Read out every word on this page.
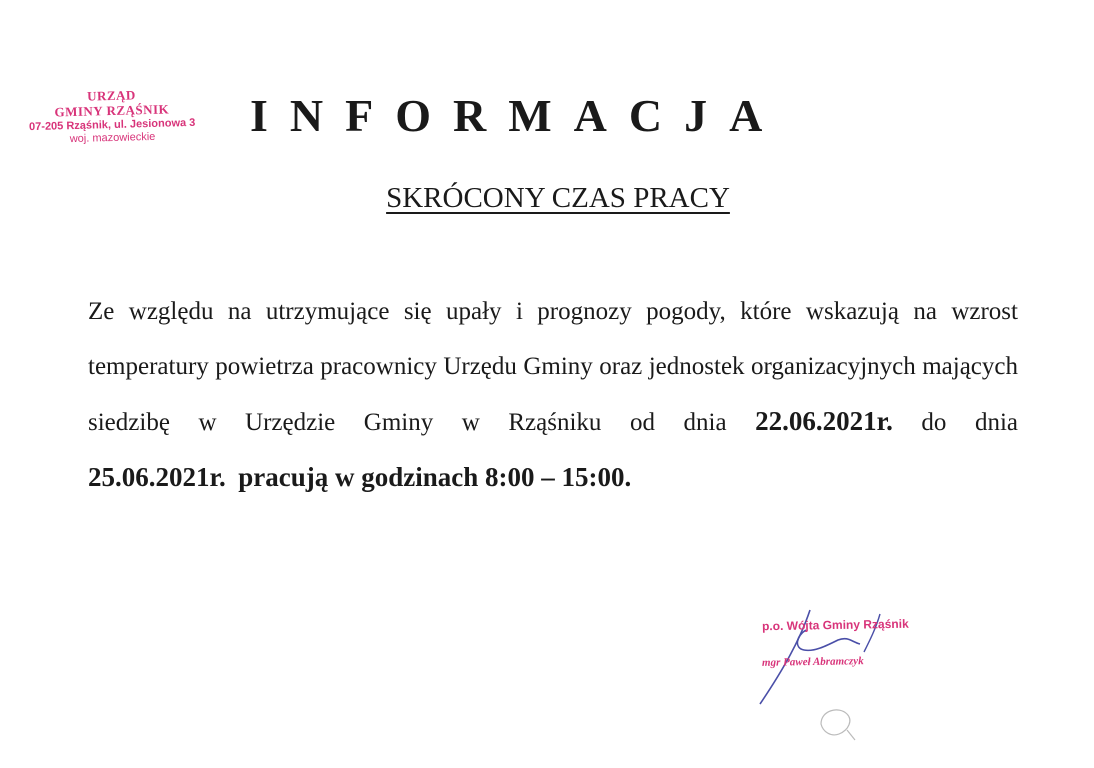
URZĄD
GMINY RZĄŚNIK
07-205 Rząśnik, ul. Jesionowa 3
woj. mazowieckie	INFORMACJA
SKRÓCONY CZAS PRACY

Ze względu na utrzymujące się upały i prognozy pogody, które wskazują na wzrost temperatury powietrza pracownicy Urzędu Gminy oraz jednostek organizacyjnych mających siedzibę w Urzędzie Gminy w Rząśniku od dnia 22.06.2021r. do dnia 25.06.2021r. pracują w godzinach 8:00 – 15:00.

p.o. Wójta Gminy Rząśnik
mgr Paweł Abramczyk
